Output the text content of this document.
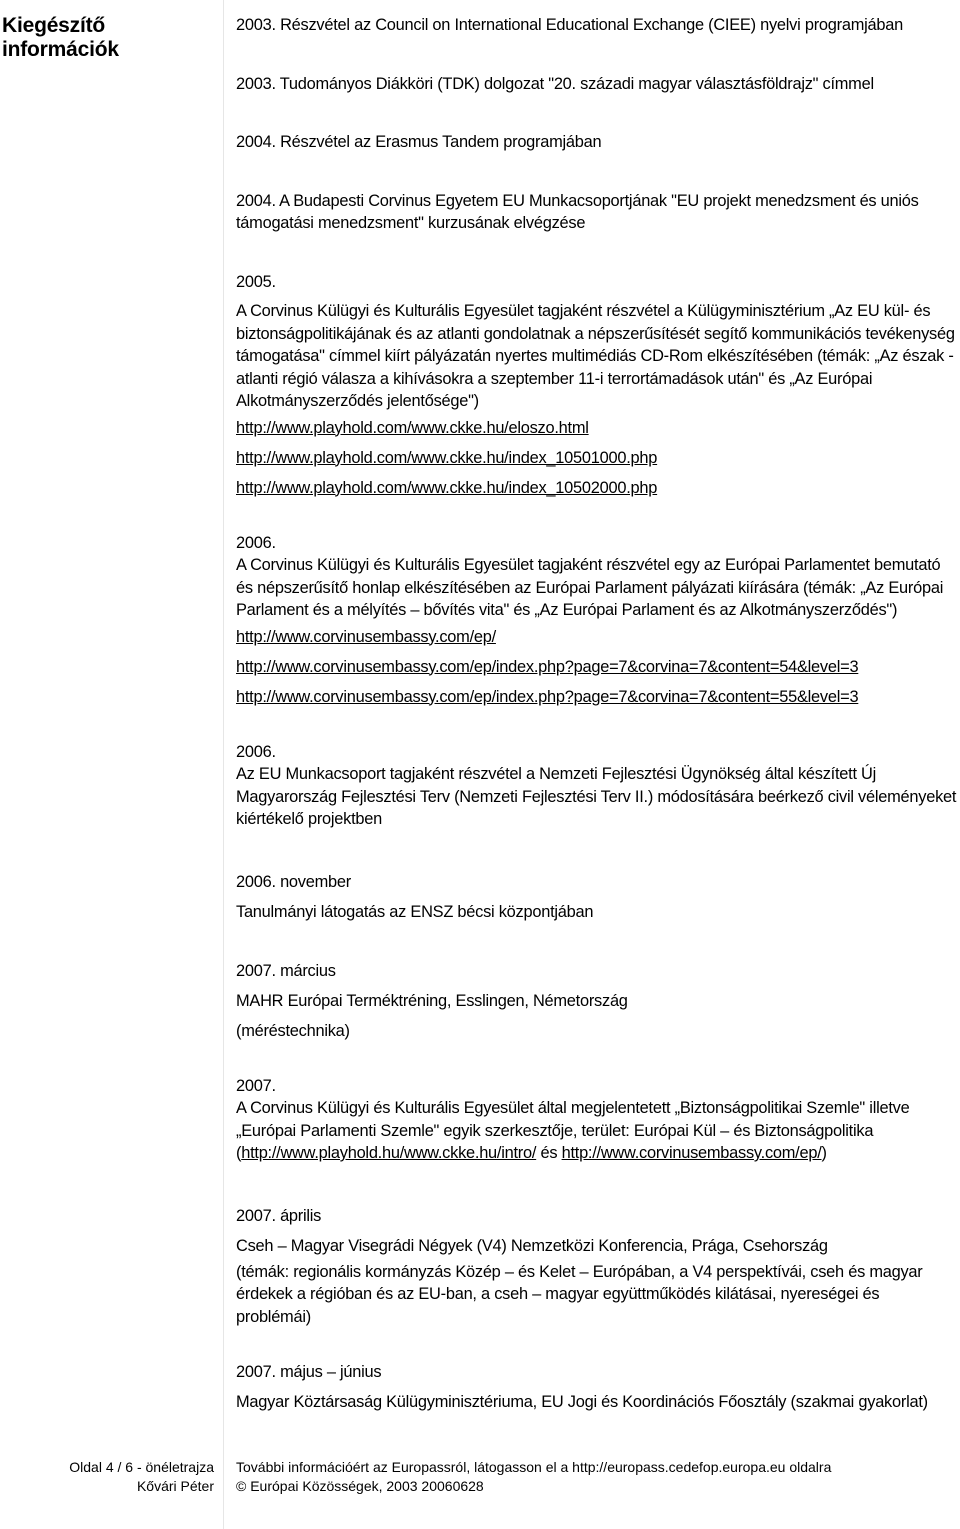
Kiegészítő információk

2003. Részvétel az Council on International Educational Exchange (CIEE) nyelvi programjában

2003. Tudományos Diákköri (TDK) dolgozat "20. századi magyar választásföldrajz" címmel

2004. Részvétel az Erasmus Tandem programjában

2004. A Budapesti Corvinus Egyetem EU Munkacsoportjának "EU projekt menedzsment és uniós támogatási menedzsment" kurzusának elvégzése

2005.

A Corvinus Külügyi és Kulturális Egyesület tagjaként részvétel a Külügyminisztérium „Az EU kül- és biztonságpolitikájának és az atlanti gondolatnak a népszerűsítését segítő kommunikációs tevékenység támogatása" címmel kiírt pályázatán nyertes multimédiás CD-Rom elkészítésében (témák: „Az észak - atlanti régió válasza a kihívásokra a szeptember 11-i terrortámadások után" és „Az Európai Alkotmányszerződés jelentősége")

http://www.playhold.com/www.ckke.hu/eloszo.html
http://www.playhold.com/www.ckke.hu/index_10501000.php
http://www.playhold.com/www.ckke.hu/index_10502000.php

2006.

A Corvinus Külügyi és Kulturális Egyesület tagjaként részvétel egy az Európai Parlamentet bemutató és népszerűsítő honlap elkészítésében az Európai Parlament pályázati kiírására (témák: „Az Európai Parlament és a mélyítés – bővítés vita" és „Az Európai Parlament és az Alkotmányszerződés")

http://www.corvinusembassy.com/ep/
http://www.corvinusembassy.com/ep/index.php?page=7&corvina=7&content=54&level=3
http://www.corvinusembassy.com/ep/index.php?page=7&corvina=7&content=55&level=3

2006.

Az EU Munkacsoport tagjaként részvétel a Nemzeti Fejlesztési Ügynökség által készített Új Magyarország Fejlesztési Terv (Nemzeti Fejlesztési Terv II.) módosítására beérkező civil véleményeket kiértékelő projektben

2006. november

Tanulmányi látogatás az ENSZ bécsi központjában

2007. március

MAHR Európai Terméktréning, Esslingen, Németország

(méréstechnika)

2007.

A Corvinus Külügyi és Kulturális Egyesület által megjelentetett „Biztonságpolitikai Szemle" illetve „Európai Parlamenti Szemle" egyik szerkesztője, terület: Európai Kül – és Biztonságpolitika (http://www.playhold.hu/www.ckke.hu/intro/ és http://www.corvinusembassy.com/ep/)

2007. április

Cseh – Magyar Visegrádi Négyek (V4) Nemzetközi Konferencia, Prága, Csehország

(témák: regionális kormányzás Közép – és Kelet – Európában, a V4 perspektívái, cseh és magyar érdekek a régióban és az EU-ban, a cseh – magyar együttműködés kilátásai, nyereségei és problémái)

2007. május – június

Magyar Köztársaság Külügyminisztériuma, EU Jogi és Koordinációs Főosztály (szakmai gyakorlat)

Oldal 4 / 6 - önéletrajza
Kővári Péter
További információért az Europassról, látogasson el a http://europass.cedefop.europa.eu oldalra
© Európai Közösségek, 2003 20060628
